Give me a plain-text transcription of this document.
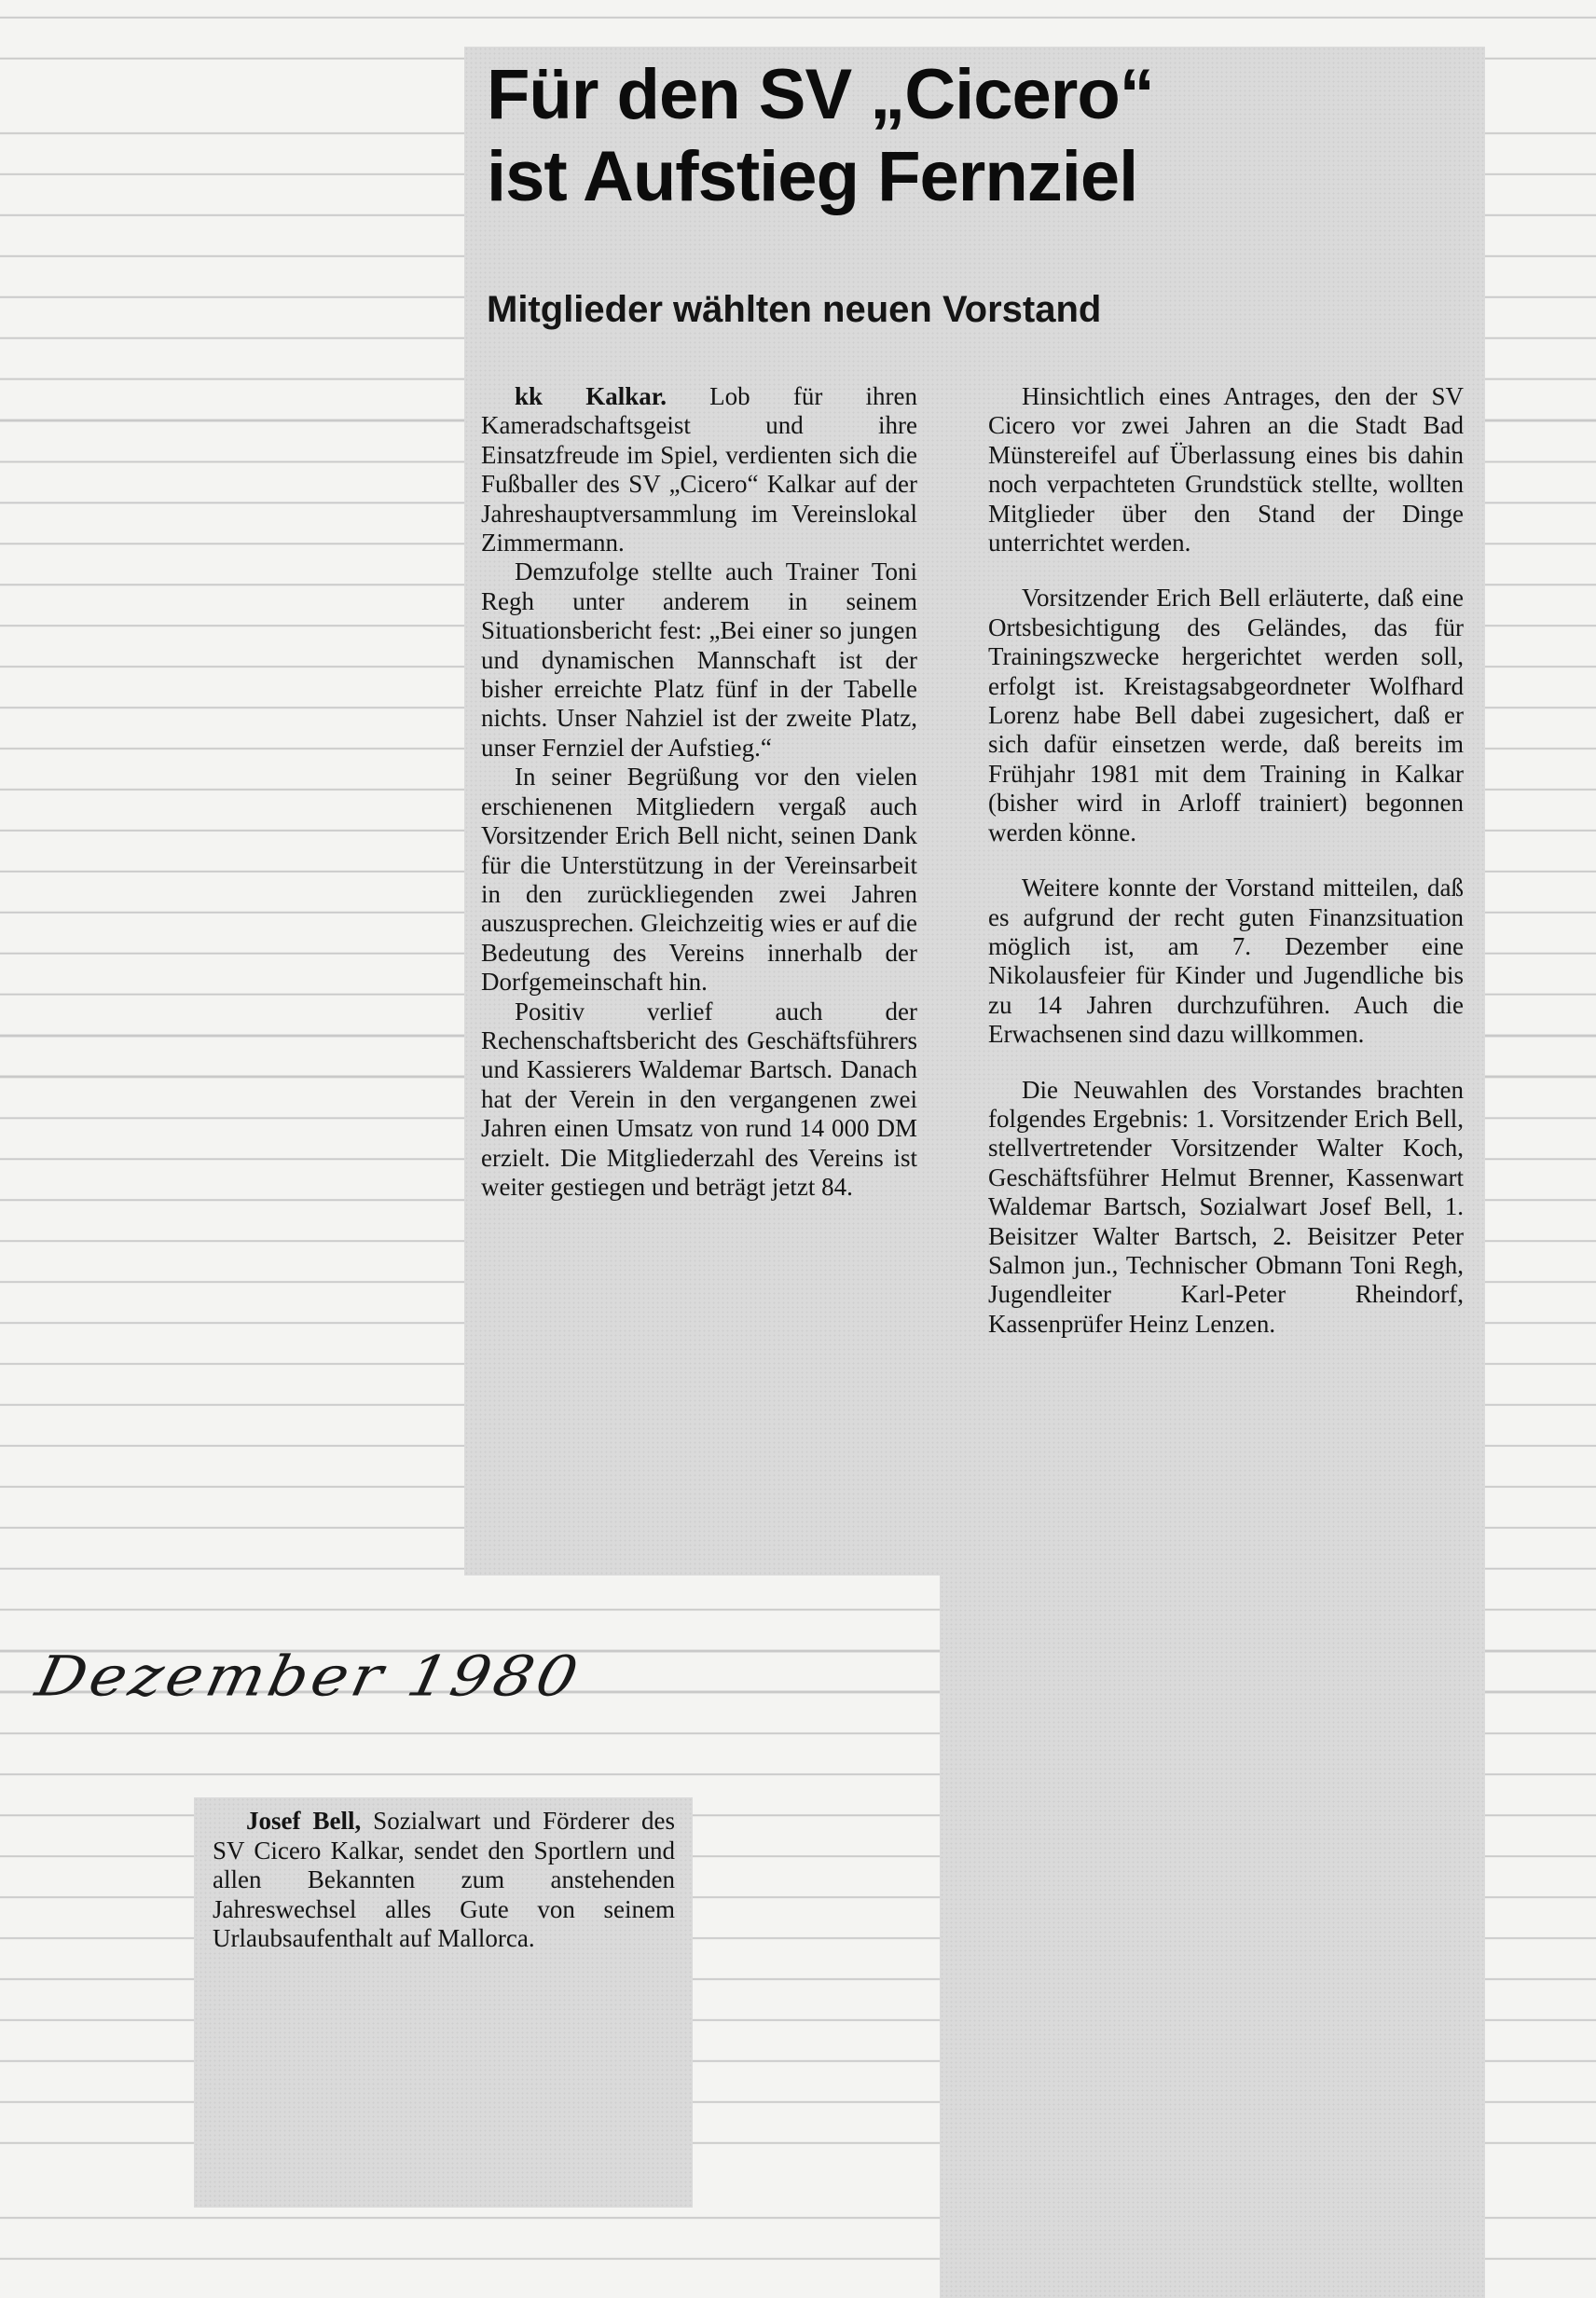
Für den SV „Cicero“
ist Aufstieg Fernziel
Mitglieder wählten neuen Vorstand

kk Kalkar. Lob für ihren Kameradschaftsgeist und ihre Einsatzfreude im Spiel, verdienten sich die Fußballer des SV „Cicero“ Kalkar auf der Jahreshauptversammlung im Vereinslokal Zimmermann.

Demzufolge stellte auch Trainer Toni Regh unter anderem in seinem Situationsbericht fest: „Bei einer so jungen und dynamischen Mannschaft ist der bisher erreichte Platz fünf in der Tabelle nichts. Unser Nahziel ist der zweite Platz, unser Fernziel der Aufstieg.“

In seiner Begrüßung vor den vielen erschienenen Mitgliedern vergaß auch Vorsitzender Erich Bell nicht, seinen Dank für die Unterstützung in der Vereinsarbeit in den zurückliegenden zwei Jahren auszusprechen. Gleichzeitig wies er auf die Bedeutung des Vereins innerhalb der Dorfgemeinschaft hin.

Positiv verlief auch der Rechenschaftsbericht des Geschäftsführers und Kassierers Waldemar Bartsch. Danach hat der Verein in den vergangenen zwei Jahren einen Umsatz von rund 14 000 DM erzielt. Die Mitgliederzahl des Vereins ist weiter gestiegen und beträgt jetzt 84.

Hinsichtlich eines Antrages, den der SV Cicero vor zwei Jahren an die Stadt Bad Münstereifel auf Überlassung eines bis dahin noch verpachteten Grundstück stellte, wollten Mitglieder über den Stand der Dinge unterrichtet werden.

Vorsitzender Erich Bell erläuterte, daß eine Ortsbesichtigung des Geländes, das für Trainingszwecke hergerichtet werden soll, erfolgt ist. Kreistagsabgeordneter Wolfhard Lorenz habe Bell dabei zugesichert, daß er sich dafür einsetzen werde, daß bereits im Frühjahr 1981 mit dem Training in Kalkar (bisher wird in Arloff trainiert) begonnen werden könne.

Weitere konnte der Vorstand mitteilen, daß es aufgrund der recht guten Finanzsituation möglich ist, am 7. Dezember eine Nikolausfeier für Kinder und Jugendliche bis zu 14 Jahren durchzuführen. Auch die Erwachsenen sind dazu willkommen.

Die Neuwahlen des Vorstandes brachten folgendes Ergebnis: 1. Vorsitzender Erich Bell, stellvertretender Vorsitzender Walter Koch, Geschäftsführer Helmut Brenner, Kassenwart Waldemar Bartsch, Sozialwart Josef Bell, 1. Beisitzer Walter Bartsch, 2. Beisitzer Peter Salmon jun., Technischer Obmann Toni Regh, Jugendleiter Karl-Peter Rheindorf, Kassenprüfer Heinz Lenzen.

Dezember 1980

Josef Bell, Sozialwart und Förderer des SV Cicero Kalkar, sendet den Sportlern und allen Bekannten zum anstehenden Jahreswechsel alles Gute von seinem Urlaubsaufenthalt auf Mallorca.
